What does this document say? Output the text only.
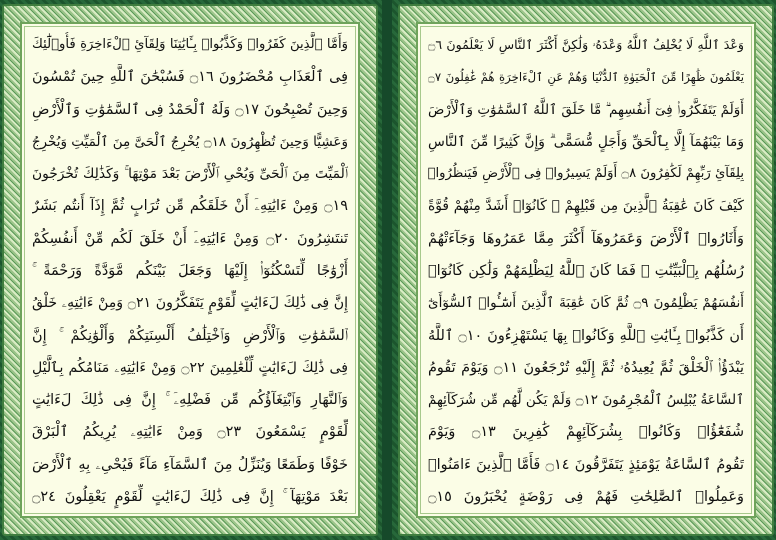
وَأَمَّا ٱلَّذِينَ كَفَرُوا۟ وَكَذَّبُوا۟ بِـَٔايَٰتِنَا وَلِقَآئِ ٱلْءَاخِرَةِ فَأُو۟لَٰٓئِكَ
فِى ٱلْعَذَابِ مُحْضَرُونَ ۝١٦ فَسُبْحَٰنَ ٱللَّهِ حِينَ تُمْسُونَ
وَحِينَ تُصْبِحُونَ ۝١٧ وَلَهُ ٱلْحَمْدُ فِى ٱلسَّمَٰوَٰتِ وَٱلْأَرْضِ
وَعَشِيًّا وَحِينَ تُظْهِرُونَ ۝١٨ يُخْرِجُ ٱلْحَىَّ مِنَ ٱلْمَيِّتِ وَيُخْرِجُ
ٱلْمَيِّتَ مِنَ ٱلْحَىِّ وَيُحْىِ ٱلْأَرْضَ بَعْدَ مَوْتِهَا ۚ وَكَذَٰلِكَ تُخْرَجُونَ
۝١٩ وَمِنْ ءَايَٰتِهِۦٓ أَنْ خَلَقَكُم مِّن تُرَابٍ ثُمَّ إِذَآ أَنتُم بَشَرٌ
تَنتَشِرُونَ ۝٢٠ وَمِنْ ءَايَٰتِهِۦٓ أَنْ خَلَقَ لَكُم مِّنْ أَنفُسِكُمْ
أَزْوَٰجًا لِّتَسْكُنُوٓا۟ إِلَيْهَا وَجَعَلَ بَيْنَكُم مَّوَدَّةً وَرَحْمَةً ۚ
إِنَّ فِى ذَٰلِكَ لَءَايَٰتٍ لِّقَوْمٍ يَتَفَكَّرُونَ ۝٢١ وَمِنْ ءَايَٰتِهِۦ خَلْقُ
ٱلسَّمَٰوَٰتِ وَٱلْأَرْضِ وَٱخْتِلَٰفُ أَلْسِنَتِكُمْ وَأَلْوَٰنِكُمْ ۚ إِنَّ
فِى ذَٰلِكَ لَءَايَٰتٍ لِّلْعَٰلِمِينَ ۝٢٢ وَمِنْ ءَايَٰتِهِۦ مَنَامُكُم بِٱلَّيْلِ
وَٱلنَّهَارِ وَٱبْتِغَآؤُكُم مِّن فَضْلِهِۦٓ ۚ إِنَّ فِى ذَٰلِكَ لَءَايَٰتٍ
لِّقَوْمٍ يَسْمَعُونَ ۝٢٣ وَمِنْ ءَايَٰتِهِۦ يُرِيكُمُ ٱلْبَرْقَ
خَوْفًا وَطَمَعًا وَيُنَزِّلُ مِنَ ٱلسَّمَآءِ مَآءً فَيُحْىِۦ بِهِ ٱلْأَرْضَ
بَعْدَ مَوْتِهَآ ۚ إِنَّ فِى ذَٰلِكَ لَءَايَٰتٍ لِّقَوْمٍ يَعْقِلُونَ ۝٢٤
وَعْدَ ٱللَّهِ لَا يُخْلِفُ ٱللَّهُ وَعْدَهُۥ وَلَٰكِنَّ أَكْثَرَ ٱلنَّاسِ لَا يَعْلَمُونَ ۝٦
يَعْلَمُونَ ظَٰهِرًا مِّنَ ٱلْحَيَوٰةِ ٱلدُّنْيَا وَهُمْ عَنِ ٱلْءَاخِرَةِ هُمْ غَٰفِلُونَ ۝٧
أَوَلَمْ يَتَفَكَّرُوا۟ فِىٓ أَنفُسِهِم ۗ مَّا خَلَقَ ٱللَّهُ ٱلسَّمَٰوَٰتِ وَٱلْأَرْضَ
وَمَا بَيْنَهُمَآ إِلَّا بِٱلْحَقِّ وَأَجَلٍ مُّسَمًّى ۗ وَإِنَّ كَثِيرًا مِّنَ ٱلنَّاسِ
بِلِقَآئِ رَبِّهِمْ لَكَٰفِرُونَ ۝٨ أَوَلَمْ يَسِيرُوا۟ فِى ٱلْأَرْضِ فَيَنظُرُوا۟
كَيْفَ كَانَ عَٰقِبَةُ ٱلَّذِينَ مِن قَبْلِهِمْ ۚ كَانُوٓا۟ أَشَدَّ مِنْهُمْ قُوَّةً
وَأَثَارُوا۟ ٱلْأَرْضَ وَعَمَرُوهَآ أَكْثَرَ مِمَّا عَمَرُوهَا وَجَآءَتْهُمْ
رُسُلُهُم بِٱلْبَيِّنَٰتِ ۖ فَمَا كَانَ ٱللَّهُ لِيَظْلِمَهُمْ وَلَٰكِن كَانُوٓا۟
أَنفُسَهُمْ يَظْلِمُونَ ۝٩ ثُمَّ كَانَ عَٰقِبَةَ ٱلَّذِينَ أَسَٰٓـُٔوا۟ ٱلسُّوٓأَىٰٓ
أَن كَذَّبُوا۟ بِـَٔايَٰتِ ٱللَّهِ وَكَانُوا۟ بِهَا يَسْتَهْزِءُونَ ۝١٠ ٱللَّهُ
يَبْدَؤُا۟ ٱلْخَلْقَ ثُمَّ يُعِيدُهُۥ ثُمَّ إِلَيْهِ تُرْجَعُونَ ۝١١ وَيَوْمَ تَقُومُ
ٱلسَّاعَةُ يُبْلِسُ ٱلْمُجْرِمُونَ ۝١٢ وَلَمْ يَكُن لَّهُم مِّن شُرَكَآئِهِمْ
شُفَعَٰٓؤُا۟ وَكَانُوا۟ بِشُرَكَآئِهِمْ كَٰفِرِينَ ۝١٣ وَيَوْمَ
تَقُومُ ٱلسَّاعَةُ يَوْمَئِذٍ يَتَفَرَّقُونَ ۝١٤ فَأَمَّا ٱلَّذِينَ ءَامَنُوا۟
وَعَمِلُوا۟ ٱلصَّٰلِحَٰتِ فَهُمْ فِى رَوْضَةٍ يُحْبَرُونَ ۝١٥
